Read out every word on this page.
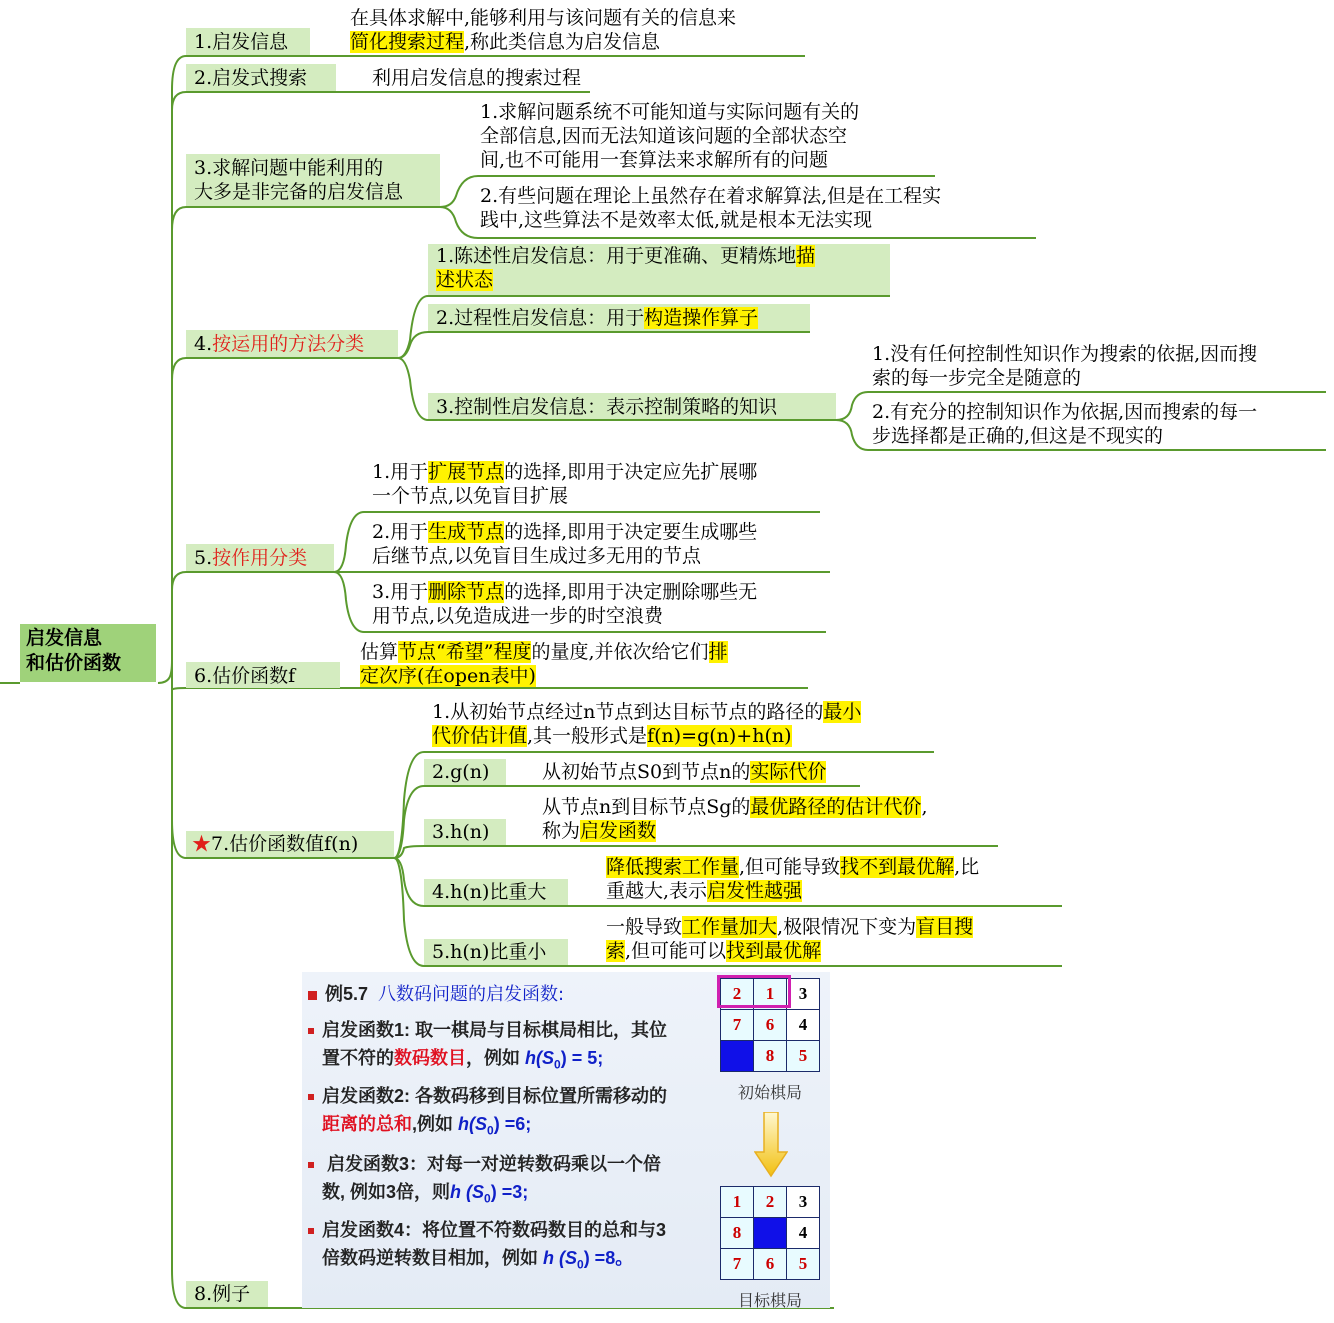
启发信息
和估价函数
1.启发信息
在具体求解中,能够利用与该问题有关的信息来
简化搜索过程,称此类信息为启发信息
2.启发式搜索	利用启发信息的搜索过程
3.求解问题中能利用的
大多是非完备的启发信息
1.求解问题系统不可能知道与实际问题有关的
全部信息,因而无法知道该问题的全部状态空
间,也不可能用一套算法来求解所有的问题
2.有些问题在理论上虽然存在着求解算法,但是在工程实
践中,这些算法不是效率太低,就是根本无法实现
4.按运用的方法分类
1.陈述性启发信息：用于更准确、更精炼地描
述状态
2.过程性启发信息：用于构造操作算子
3.控制性启发信息：表示控制策略的知识
1.没有任何控制性知识作为搜索的依据,因而搜
索的每一步完全是随意的
2.有充分的控制知识作为依据,因而搜索的每一
步选择都是正确的,但这是不现实的
5.按作用分类
1.用于扩展节点的选择,即用于决定应先扩展哪
一个节点,以免盲目扩展
2.用于生成节点的选择,即用于决定要生成哪些
后继节点,以免盲目生成过多无用的节点
3.用于删除节点的选择,即用于决定删除哪些无
用节点,以免造成进一步的时空浪费
6.估价函数f
估算节点“希望”程度的量度,并依次给它们排
定次序(在open表中)
★7.估价函数值f(n)
1.从初始节点经过n节点到达目标节点的路径的最小
代价估计值,其一般形式是f(n)=g(n)+h(n)
2.g(n)	从初始节点S0到节点n的实际代价
3.h(n)
从节点n到目标节点Sg的最优路径的估计代价,
称为启发函数
4.h(n)比重大
降低搜索工作量,但可能导致找不到最优解,比
重越大,表示启发性越强
5.h(n)比重小
一般导致工作量加大,极限情况下变为盲目搜
索,但可能可以找到最优解
8.例子
例5.7 八数码问题的启发函数:
启发函数1: 取一棋局与目标棋局相比，其位
置不符的数码数目，例如 $h(S_0) = 5$;
启发函数2: 各数码移到目标位置所需移动的
距离的总和,例如 $h(S_0) =6$;
启发函数3：对每一对逆转数码乘以一个倍
数, 例如3倍，则h $(S_0) =3$;
启发函数4：将位置不符数码数目的总和与3
倍数码逆转数目相加，例如 h $(S_0) =8$。
2	1	3
7	6	4
	8	5
初始棋局
1	2	3
8		4
7	6	5
目标棋局
